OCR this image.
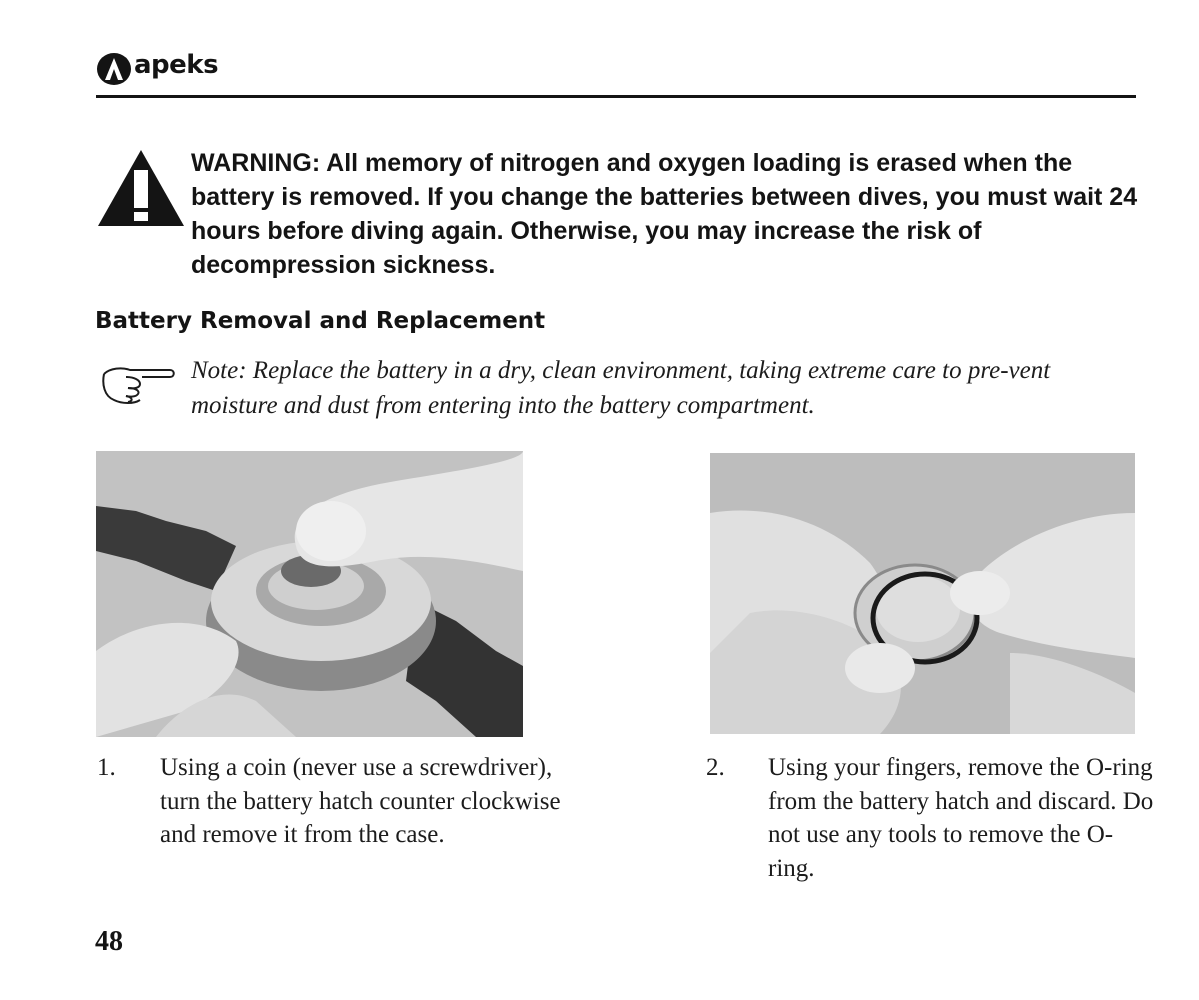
apeks
WARNING: All memory of nitrogen and oxygen loading is erased when the battery is removed. If you change the batteries between dives, you must wait 24 hours before diving again. Otherwise, you may increase the risk of decompression sickness.
Battery Removal and Replacement
Note: Replace the battery in a dry, clean environment, taking extreme care to pre-vent moisture and dust from entering into the battery compartment.
1. Using a coin (never use a screwdriver), turn the battery hatch counter clockwise and remove it from the case.
2. Using your fingers, remove the O-ring from the battery hatch and discard. Do not use any tools to remove the O-ring.
48
